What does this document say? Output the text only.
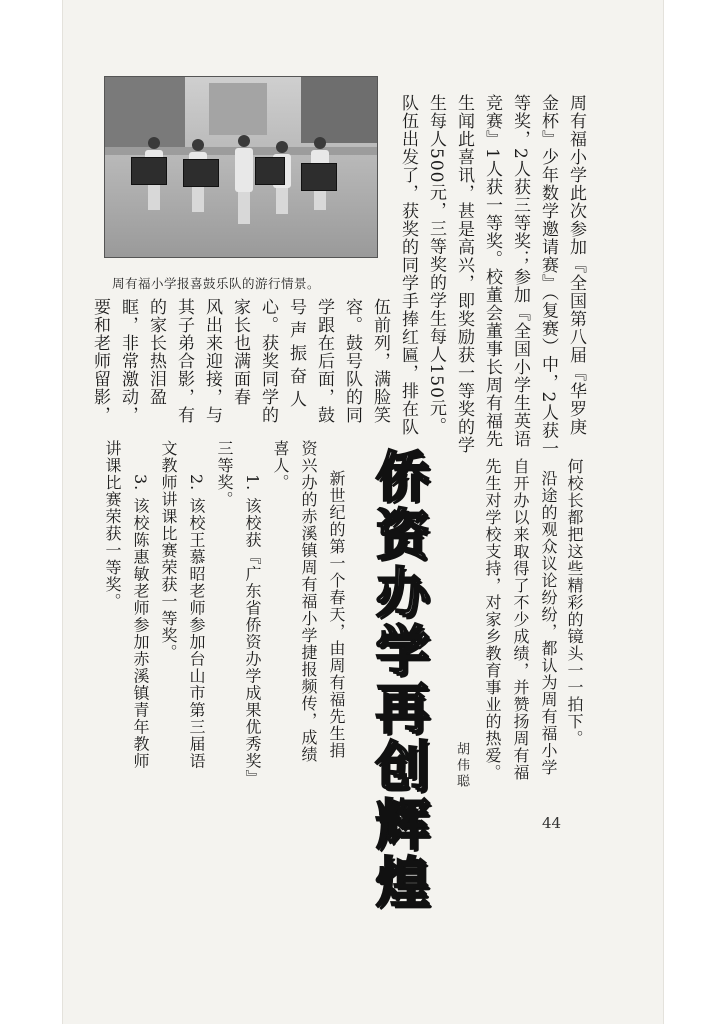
周有福小学报喜鼓乐队的游行情景。	周有福小学此次参加『全国第八届『华罗庚
金杯』少年数学邀请赛』（复赛）中，2人获一
等奖，2人获三等奖；参加『全国小学生英语
竞赛』1人获一等奖。校董会董事长周有福先
生闻此喜讯，甚是高兴，即奖励获一等奖的学
生每人500元，三等奖的学生每人150元。
队伍出发了，获奖的同学手捧红匾，排在队
伍前列，满脸笑
容。鼓号队的同
学跟在后面，鼓
号声振奋人
心。获奖同学的
家长也满面春
风出来迎接，与
其子弟合影，有
的家长热泪盈
眶，非常激动，
要和老师留影，
何校长都把这些精彩的镜头一一拍下。
沿途的观众议论纷纷，都认为周有福小学
自开办以来取得了不少成绩，并赞扬周有福
先生对学校支持，对家乡教育事业的热爱。
胡伟聪
侨资办学再创辉煌
新世纪的第一个春天，由周有福先生捐
资兴办的赤溪镇周有福小学捷报频传，成绩
喜人。
1. 该校获『广东省侨资办学成果优秀奖』
三等奖。
2. 该校王慕昭老师参加台山市第三届语
文教师讲课比赛荣获一等奖。
3. 该校陈惠敏老师参加赤溪镇青年教师
讲课比赛荣获一等奖。
44
